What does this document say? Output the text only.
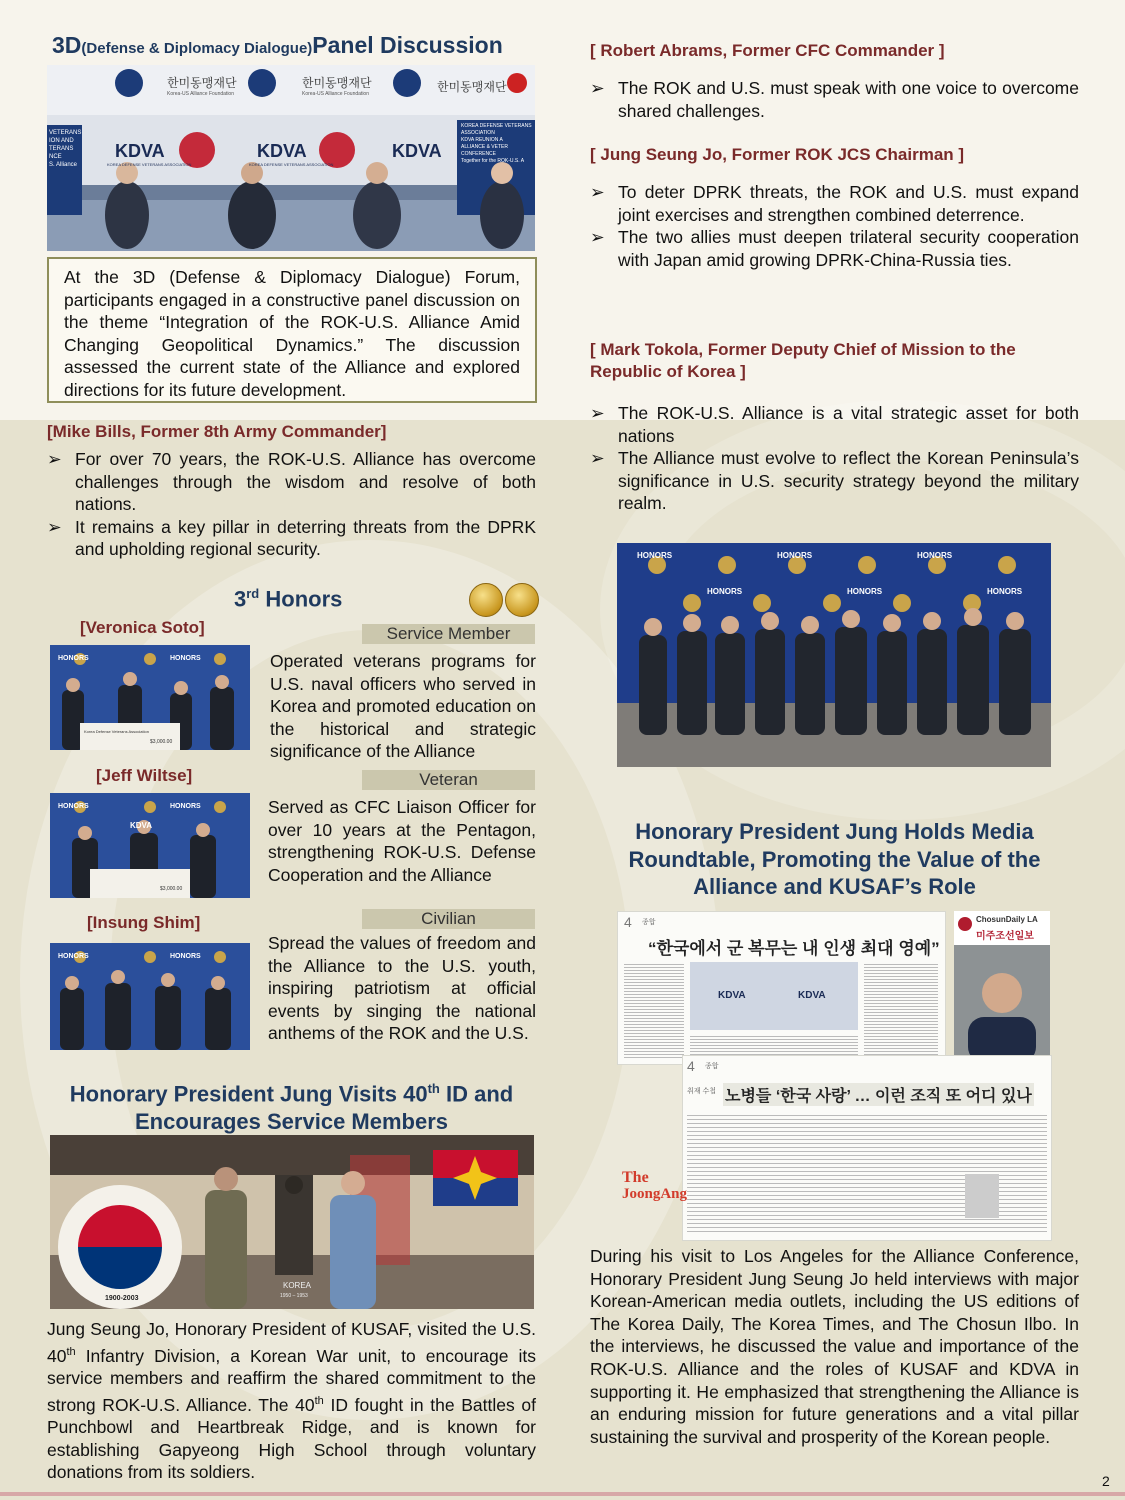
3D(Defense & Diplomacy Dialogue)Panel Discussion
한미동맹재단	한미동맹재단	한미동맹재단
Korea-US Alliance Foundation	Korea-US Alliance Foundation
KDVA	KDVA	KDVA
KOREA DEFENSE VETERANS ASSOCIATION	KOREA DEFENSE VETERANS ASSOCIATION
KOREA DEFENSE VETERANS ASSOCIATION
KDVA REUNION A
ALLIANCE & VETER
CONFERENCE
Together for the ROK-U.S. A
VETERANS
ION AND
TERANS
NCE
S. Alliance
At the 3D (Defense & Diplomacy Dialogue) Forum, participants engaged in a constructive panel discussion on the theme “Integration of the ROK-U.S. Alliance Amid Changing Geopolitical Dynamics.” The discussion assessed the current state of the Alliance and explored directions for its future development.
[Mike Bills, Former 8th Army Commander]
➢ For over 70 years, the ROK-U.S. Alliance has overcome challenges through the wisdom and resolve of both nations.
➢ It remains a key pillar in deterring threats from the DPRK and upholding regional security.
[ Robert Abrams, Former CFC Commander ]
➢ The ROK and U.S. must speak with one voice to overcome shared challenges.
[ Jung Seung Jo, Former ROK JCS Chairman ]
➢ To deter DPRK threats, the ROK and U.S. must expand joint exercises and strengthen combined deterrence.
➢ The two allies must deepen trilateral security cooperation with Japan amid growing DPRK-China-Russia ties.
[ Mark Tokola, Former Deputy Chief of Mission to the Republic of Korea ]
➢ The ROK-U.S. Alliance is a vital strategic asset for both nations
➢ The Alliance must evolve to reflect the Korean Peninsula’s significance in U.S. security strategy beyond the military realm.
HONORS	HONORS	HONORS
HONORS	HONORS	HONORS
3rd Honors
[Veronica Soto]	Service Member
HONORS	HONORS
Korea Defense Veterans Association
$3,000.00
Operated veterans programs for U.S. naval officers who served in Korea and promoted education on the historical and strategic significance of the Alliance
[Jeff Wiltse]	Veteran
HONORS	HONORS
KDVA
$3,000.00
Served as CFC Liaison Officer for over 10 years at the Pentagon, strengthening ROK-U.S. Defense Cooperation and the Alliance
[Insung Shim]	Civilian
HONORS	HONORS
Spread the values of freedom and the Alliance to the U.S. youth, inspiring patriotism at official events by singing the national anthems of the ROK and the U.S.
Honorary President Jung Visits 40th ID and
Encourages Service Members
KOREA
1950 – 1953
1900-2003
Jung Seung Jo, Honorary President of KUSAF, visited the U.S. 40th Infantry Division, a Korean War unit, to encourage its service members and reaffirm the shared commitment to the strong ROK-U.S. Alliance. The 40th ID fought in the Battles of Punchbowl and Heartbreak Ridge, and is known for establishing Gapyeong High School through voluntary donations from its soldiers.
Honorary President Jung Holds Media
Roundtable, Promoting the Value of the
Alliance and KUSAF’s Role
4 종합
“한국에서 군 복무는 내 인생 최대 영예”
KDVA	KDVA
ChosunDaily LA
미주조선일보
4 종합
취재 수첩 노병들 ‘한국 사랑’ … 이런 조직 또 어디 있나
The
JoongAng
During his visit to Los Angeles for the Alliance Conference, Honorary President Jung Seung Jo held interviews with major Korean-American media outlets, including the US editions of The Korea Daily, The Korea Times, and The Chosun Ilbo. In the interviews, he discussed the value and importance of the ROK-U.S. Alliance and the roles of KUSAF and KDVA in supporting it. He emphasized that strengthening the Alliance is an enduring mission for future generations and a vital pillar sustaining the survival and prosperity of the Korean people.
2
